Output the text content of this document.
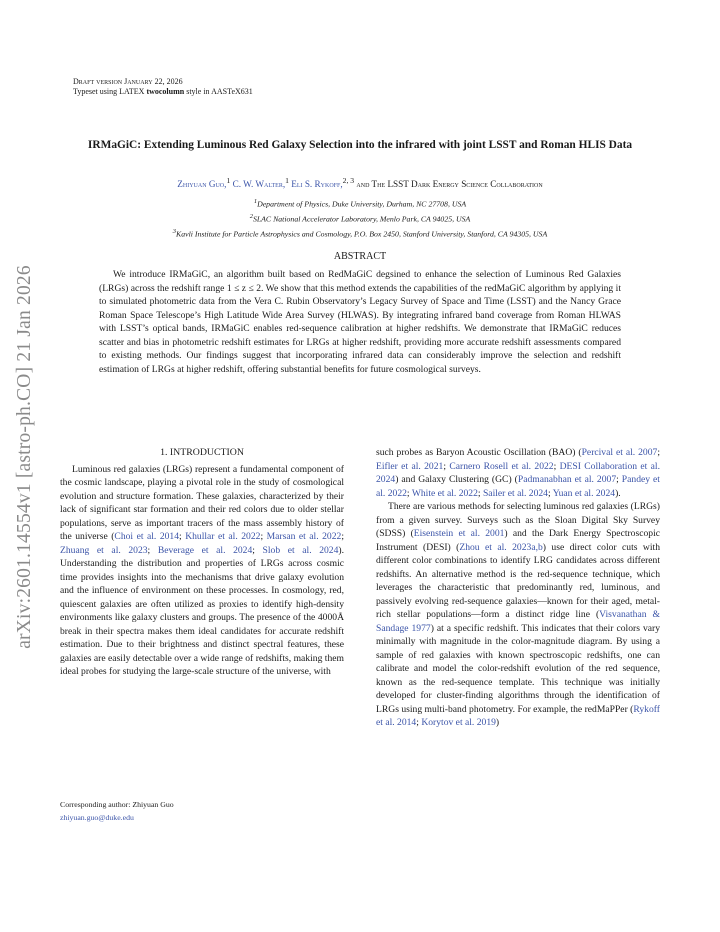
arXiv:2601.14554v1 [astro-ph.CO] 21 Jan 2026
Draft version January 22, 2026
Typeset using LATEX twocolumn style in AASTeX631
IRMaGiC: Extending Luminous Red Galaxy Selection into the infrared with joint LSST and Roman HLIS Data
Zhiyuan Guo,$^1$ C. W. Walter,$^1$ Eli S. Rykoff,$^{2, 3}$ and The LSST Dark Energy Science Collaboration
$^1$Department of Physics, Duke University, Durham, NC 27708, USA
$^2$SLAC National Accelerator Laboratory, Menlo Park, CA 94025, USA
$^3$Kavli Institute for Particle Astrophysics and Cosmology, P.O. Box 2450, Stanford University, Stanford, CA 94305, USA
ABSTRACT
We introduce IRMaGiC, an algorithm built based on RedMaGiC degsined to enhance the selection of Luminous Red Galaxies (LRGs) across the redshift range 1 ≤ z ≤ 2. We show that this method extends the capabilities of the redMaGiC algorithm by applying it to simulated photometric data from the Vera C. Rubin Observatory’s Legacy Survey of Space and Time (LSST) and the Nancy Grace Roman Space Telescope’s High Latitude Wide Area Survey (HLWAS). By integrating infrared band coverage from Roman HLWAS with LSST’s optical bands, IRMaGiC enables red-sequence calibration at higher redshifts. We demonstrate that IRMaGiC reduces scatter and bias in photometric redshift estimates for LRGs at higher redshift, providing more accurate redshift assessments compared to existing methods. Our findings suggest that incorporating infrared data can considerably improve the selection and redshift estimation of LRGs at higher redshift, offering substantial benefits for future cosmological surveys.
1. INTRODUCTION

Luminous red galaxies (LRGs) represent a fundamental component of the cosmic landscape, playing a pivotal role in the study of cosmological evolution and structure formation. These galaxies, characterized by their lack of significant star formation and their red colors due to older stellar populations, serve as important tracers of the mass assembly history of the universe (Choi et al. 2014; Khullar et al. 2022; Marsan et al. 2022; Zhuang et al. 2023; Beverage et al. 2024; Slob et al. 2024). Understanding the distribution and properties of LRGs across cosmic time provides insights into the mechanisms that drive galaxy evolution and the influence of environment on these processes. In cosmology, red, quiescent galaxies are often utilized as proxies to identify high-density environments like galaxy clusters and groups. The presence of the 4000Å break in their spectra makes them ideal candidates for accurate redshift estimation. Due to their brightness and distinct spectral features, these galaxies are easily detectable over a wide range of redshifts, making them ideal probes for studying the large-scale structure of the universe, with

Corresponding author: Zhiyuan Guo
zhiyuan.guo@duke.edu

such probes as Baryon Acoustic Oscillation (BAO) (Percival et al. 2007; Eifler et al. 2021; Carnero Rosell et al. 2022; DESI Collaboration et al. 2024) and Galaxy Clustering (GC) (Padmanabhan et al. 2007; Pandey et al. 2022; White et al. 2022; Sailer et al. 2024; Yuan et al. 2024).

There are various methods for selecting luminous red galaxies (LRGs) from a given survey. Surveys such as the Sloan Digital Sky Survey (SDSS) (Eisenstein et al. 2001) and the Dark Energy Spectroscopic Instrument (DESI) (Zhou et al. 2023a,b) use direct color cuts with different color combinations to identify LRG candidates across different redshifts. An alternative method is the red-sequence technique, which leverages the characteristic that predominantly red, luminous, and passively evolving red-sequence galaxies—known for their aged, metal-rich stellar populations—form a distinct ridge line (Visvanathan & Sandage 1977) at a specific redshift. This indicates that their colors vary minimally with magnitude in the color-magnitude diagram. By using a sample of red galaxies with known spectroscopic redshifts, one can calibrate and model the color-redshift evolution of the red sequence, known as the red-sequence template. This technique was initially developed for cluster-finding algorithms through the identification of LRGs using multi-band photometry. For example, the redMaPPer (Rykoff et al. 2014; Korytov et al. 2019)
